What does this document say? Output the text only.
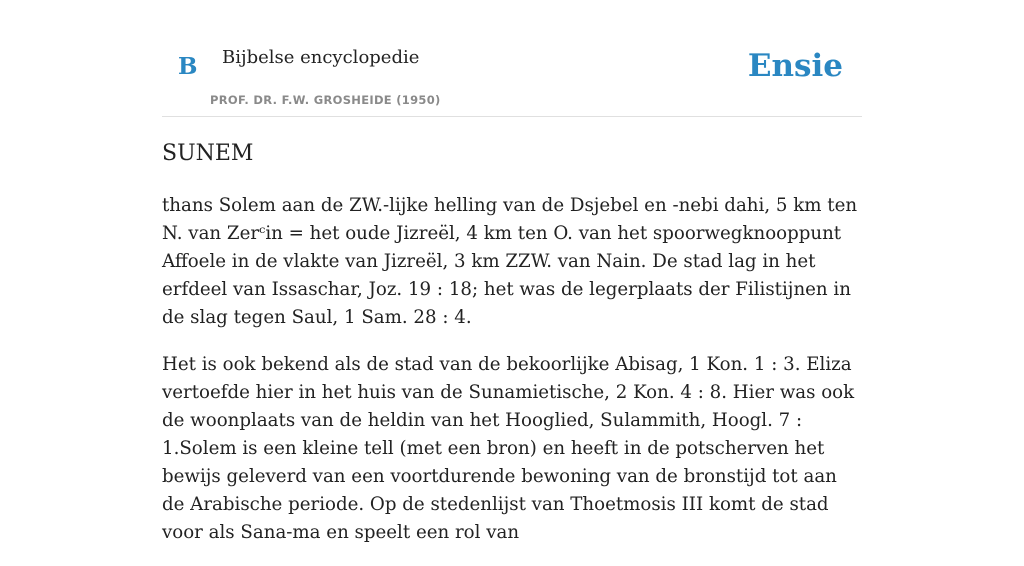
B Bijbelse encyclopedie
PROF. DR. F.W. GROSHEIDE (1950)
Ensie
SUNEM

thans Solem aan de ZW.-lijke helling van de Dsjebel en -nebi dahi, 5 km ten N. van Zerᶜin = het oude Jizreël, 4 km ten O. van het spoorwegknooppunt Affoele in de vlakte van Jizreël, 3 km ZZW. van Nain. De stad lag in het erfdeel van Issaschar, Joz. 19 : 18; het was de legerplaats der Filistijnen in de slag tegen Saul, 1 Sam. 28 : 4.

Het is ook bekend als de stad van de bekoorlijke Abisag, 1 Kon. 1 : 3. Eliza vertoefde hier in het huis van de Sunamietische, 2 Kon. 4 : 8. Hier was ook de woonplaats van de heldin van het Hooglied, Sulammith, Hoogl. 7 : 1.Solem is een kleine tell (met een bron) en heeft in de potscherven het bewijs geleverd van een voortdurende bewoning van de bronstijd tot aan de Arabische periode. Op de stedenlijst van Thoetmosis III komt de stad voor als Sana-ma en speelt een rol van
